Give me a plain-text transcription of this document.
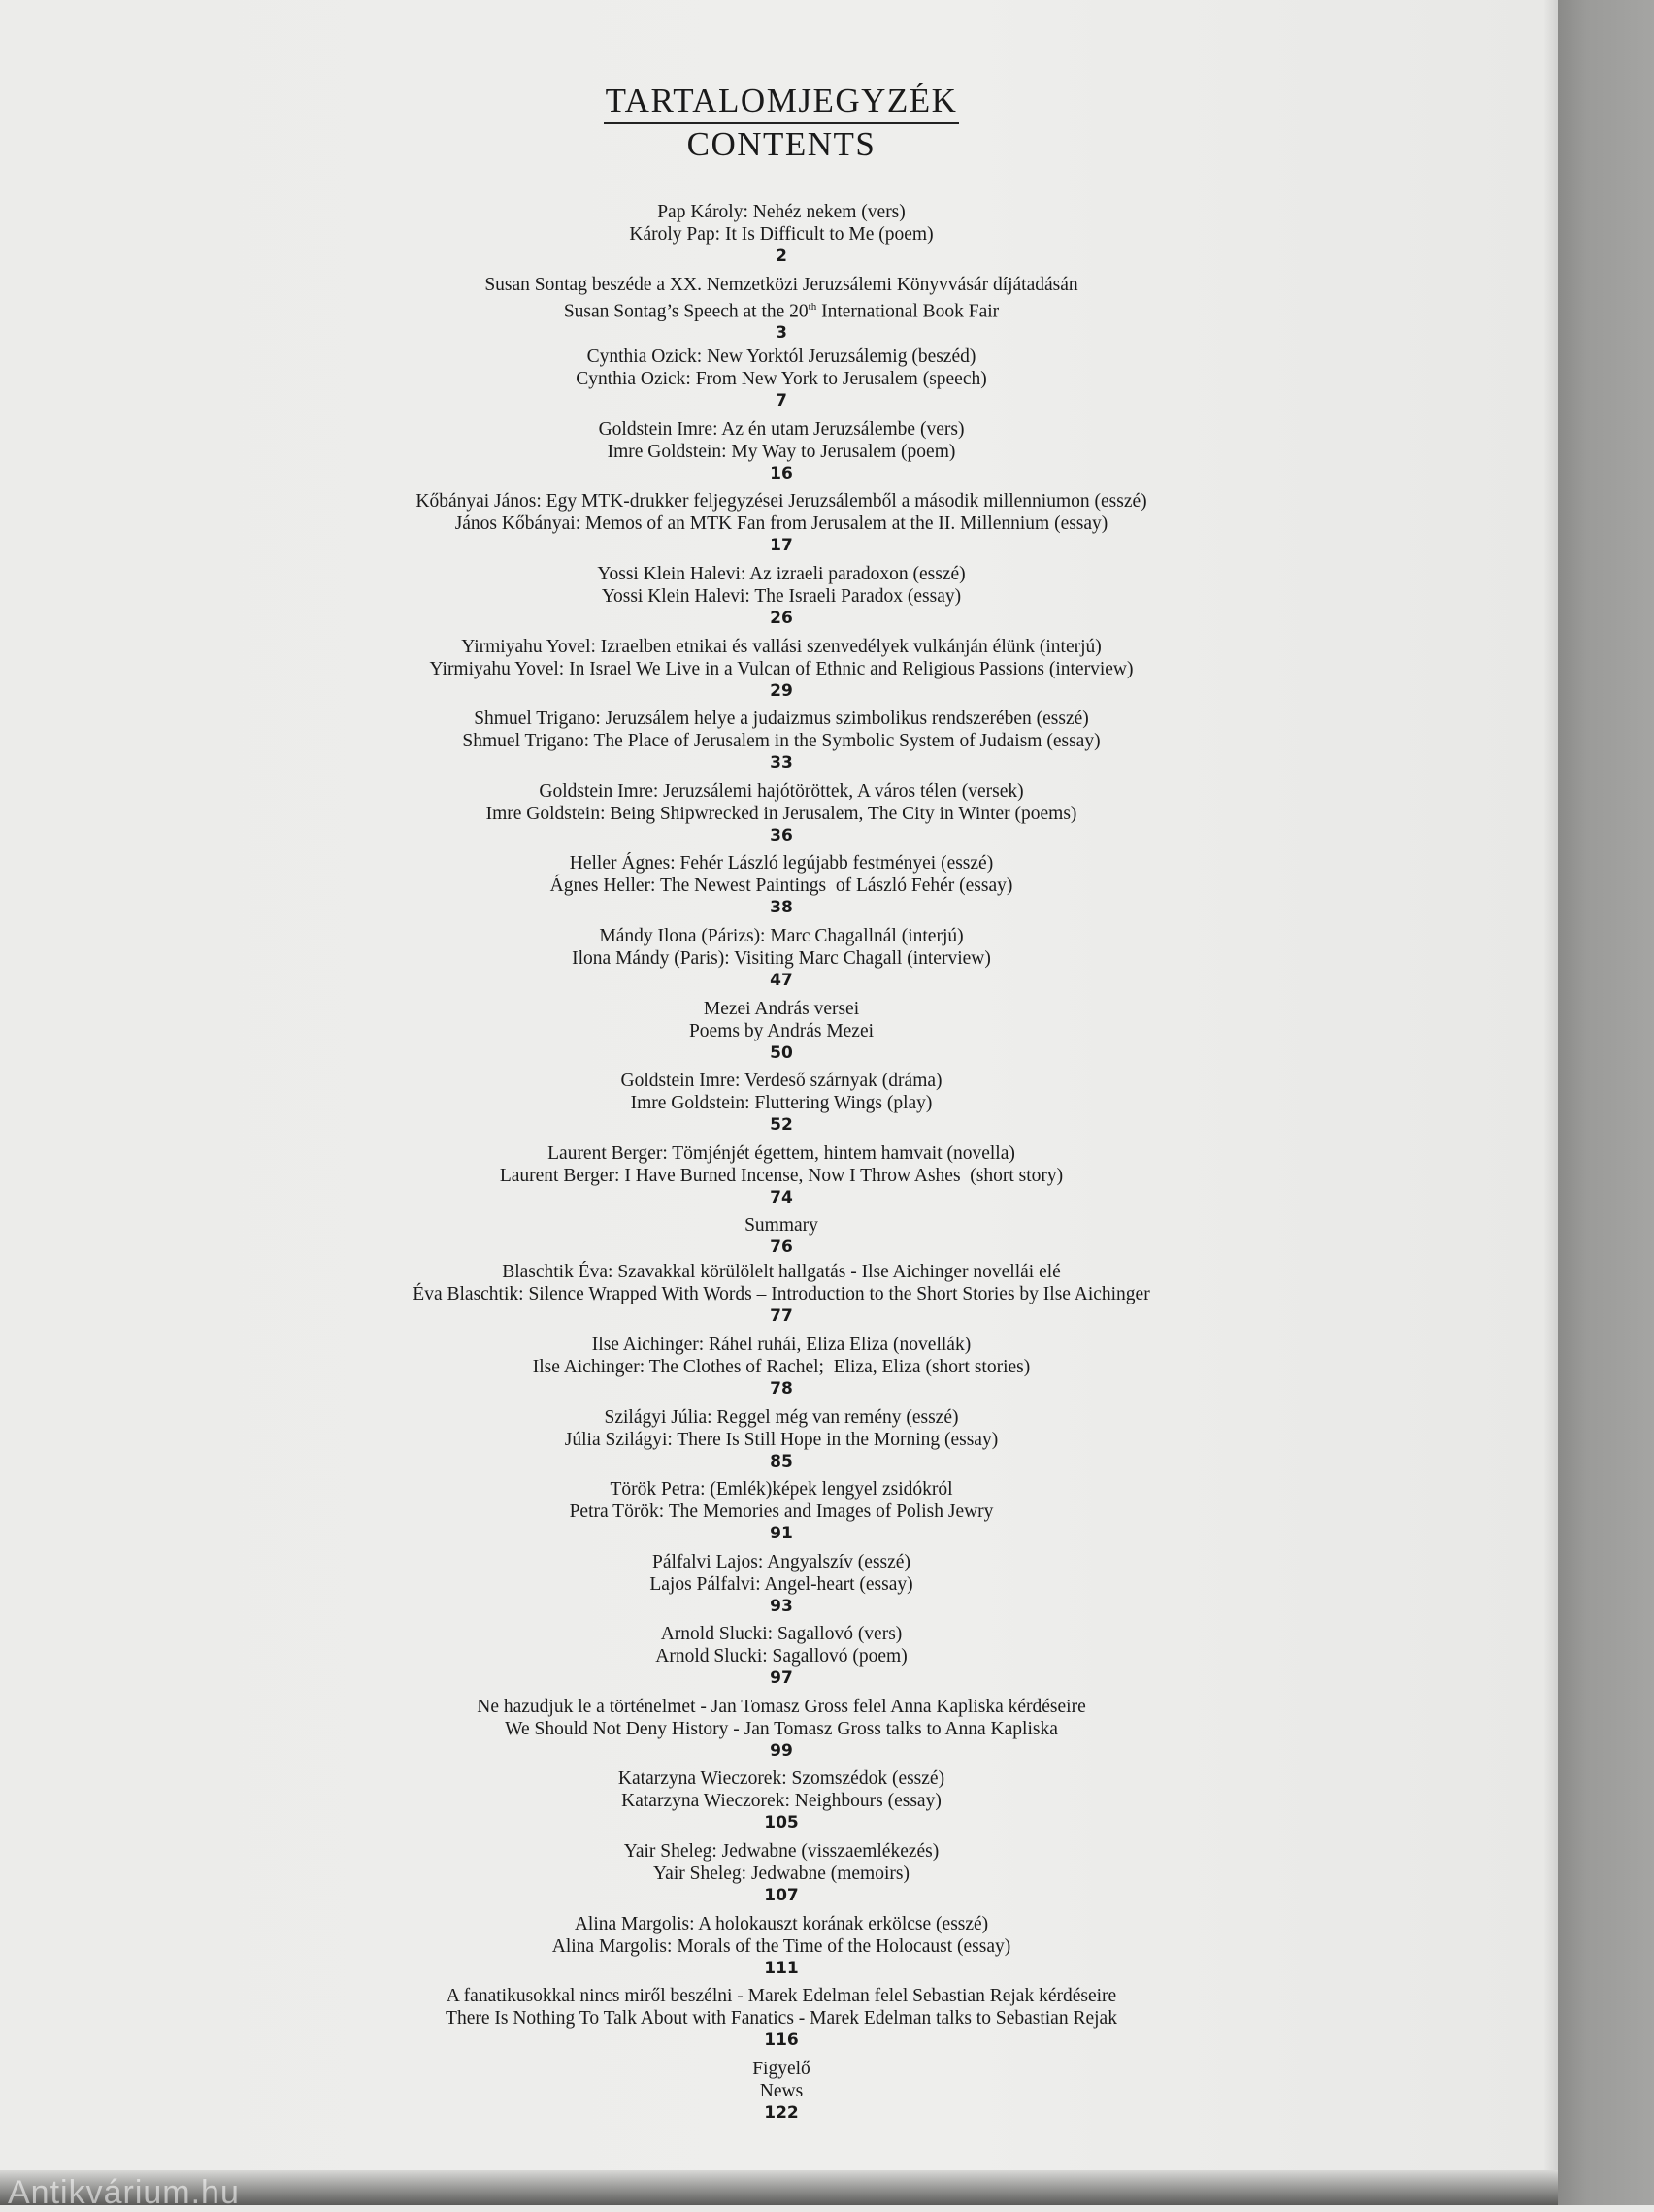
Antikvárium.hu
TARTALOMJEGYZÉK
CONTENTS
Pap Károly: Nehéz nekem (vers)
Károly Pap: It Is Difficult to Me (poem)
2
Susan Sontag beszéde a XX. Nemzetközi Jeruzsálemi Könyvvásár díjátadásán
Susan Sontag’s Speech at the 20th International Book Fair
3
Cynthia Ozick: New Yorktól Jeruzsálemig (beszéd)
Cynthia Ozick: From New York to Jerusalem (speech)
7
Goldstein Imre: Az én utam Jeruzsálembe (vers)
Imre Goldstein: My Way to Jerusalem (poem)
16
Kőbányai János: Egy MTK-drukker feljegyzései Jeruzsálemből a második millenniumon (esszé)
János Kőbányai: Memos of an MTK Fan from Jerusalem at the II. Millennium (essay)
17
Yossi Klein Halevi: Az izraeli paradoxon (esszé)
Yossi Klein Halevi: The Israeli Paradox (essay)
26
Yirmiyahu Yovel: Izraelben etnikai és vallási szenvedélyek vulkánján élünk (interjú)
Yirmiyahu Yovel: In Israel We Live in a Vulcan of Ethnic and Religious Passions (interview)
29
Shmuel Trigano: Jeruzsálem helye a judaizmus szimbolikus rendszerében (esszé)
Shmuel Trigano: The Place of Jerusalem in the Symbolic System of Judaism (essay)
33
Goldstein Imre: Jeruzsálemi hajótöröttek, A város télen (versek)
Imre Goldstein: Being Shipwrecked in Jerusalem, The City in Winter (poems)
36
Heller Ágnes: Fehér László legújabb festményei (esszé)
Ágnes Heller: The Newest Paintings  of László Fehér (essay)
38
Mándy Ilona (Párizs): Marc Chagallnál (interjú)
Ilona Mándy (Paris): Visiting Marc Chagall (interview)
47
Mezei András versei
Poems by András Mezei
50
Goldstein Imre: Verdeső szárnyak (dráma)
Imre Goldstein: Fluttering Wings (play)
52
Laurent Berger: Tömjénjét égettem, hintem hamvait (novella)
Laurent Berger: I Have Burned Incense, Now I Throw Ashes  (short story)
74
Summary
76
Blaschtik Éva: Szavakkal körülölelt hallgatás - Ilse Aichinger novellái elé
Éva Blaschtik: Silence Wrapped With Words – Introduction to the Short Stories by Ilse Aichinger
77
Ilse Aichinger: Ráhel ruhái, Eliza Eliza (novellák)
Ilse Aichinger: The Clothes of Rachel;  Eliza, Eliza (short stories)
78
Szilágyi Júlia: Reggel még van remény (esszé)
Júlia Szilágyi: There Is Still Hope in the Morning (essay)
85
Török Petra: (Emlék)képek lengyel zsidókról
Petra Török: The Memories and Images of Polish Jewry
91
Pálfalvi Lajos: Angyalszív (esszé)
Lajos Pálfalvi: Angel-heart (essay)
93
Arnold Slucki: Sagallovó (vers)
Arnold Slucki: Sagallovó (poem)
97
Ne hazudjuk le a történelmet - Jan Tomasz Gross felel Anna Kapliska kérdéseire
We Should Not Deny History - Jan Tomasz Gross talks to Anna Kapliska
99
Katarzyna Wieczorek: Szomszédok (esszé)
Katarzyna Wieczorek: Neighbours (essay)
105
Yair Sheleg: Jedwabne (visszaemlékezés)
Yair Sheleg: Jedwabne (memoirs)
107
Alina Margolis: A holokauszt korának erkölcse (esszé)
Alina Margolis: Morals of the Time of the Holocaust (essay)
111
A fanatikusokkal nincs miről beszélni - Marek Edelman felel Sebastian Rejak kérdéseire
There Is Nothing To Talk About with Fanatics - Marek Edelman talks to Sebastian Rejak
116
Figyelő
News
122
